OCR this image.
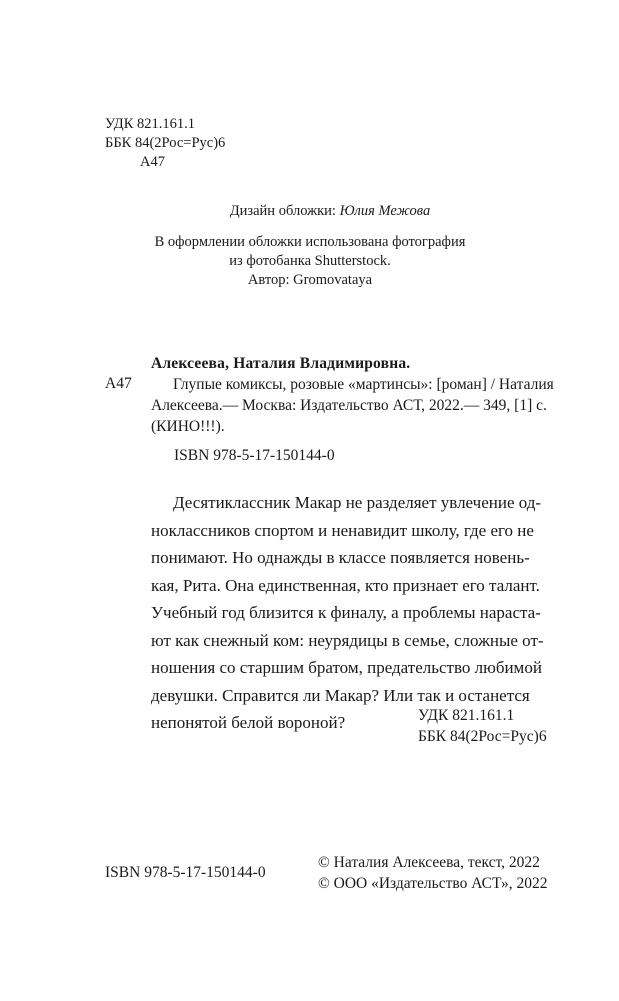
УДК 821.161.1
ББК 84(2Рос=Рус)6
А47
Дизайн обложки: Юлия Межова
В оформлении обложки использована фотография
из фотобанка Shutterstock.
Автор: Gromovataya
А47
Алексеева, Наталия Владимировна.
Глупые комиксы, розовые «мартинсы»: [роман] / Наталия
Алексеева.— Москва: Издательство АСТ, 2022.— 349, [1] с.
(КИНО!!!).
ISBN 978-5-17-150144-0
Десятиклассник Макар не разделяет увлечение од-
ноклассников спортом и ненавидит школу, где его не
понимают. Но однажды в классе появляется новень-
кая, Рита. Она единственная, кто признает его талант.
Учебный год близится к финалу, а проблемы нараста-
ют как снежный ком: неурядицы в семье, сложные от-
ношения со старшим братом, предательство любимой
девушки. Справится ли Макар? Или так и останется
непонятой белой вороной?	УДК 821.161.1
ББК 84(2Рос=Рус)6
ISBN 978-5-17-150144-0
© Наталия Алексеева, текст, 2022
© ООО «Издательство АСТ», 2022
